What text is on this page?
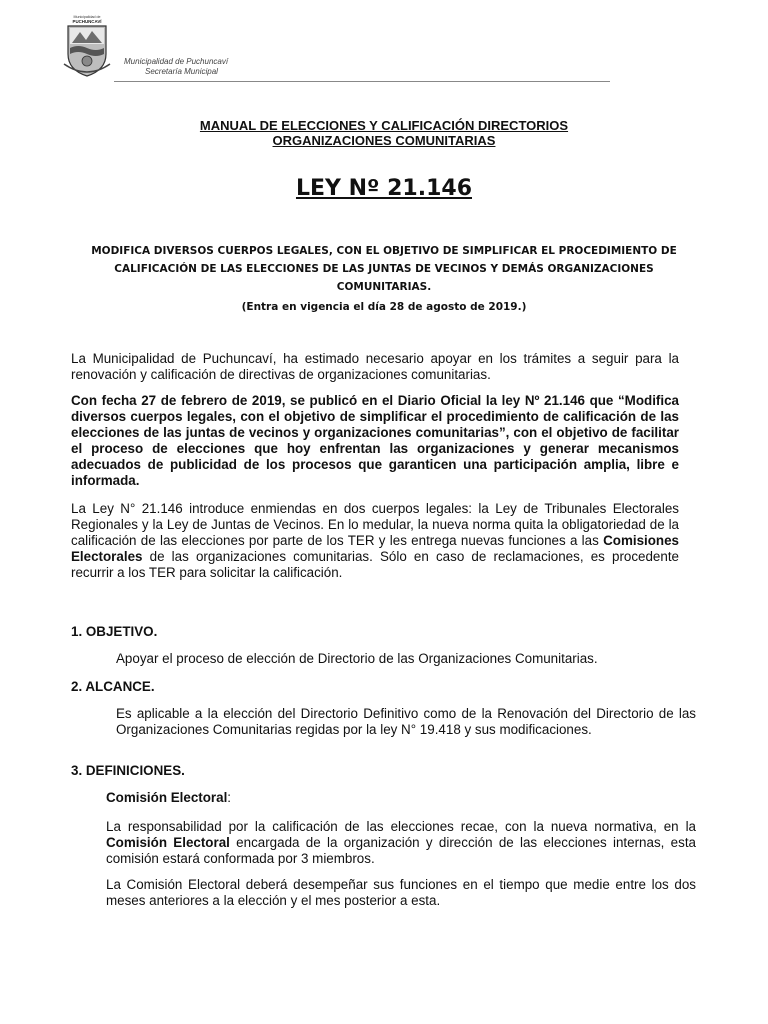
Municipalidad de
PUCHUNCAVÍ
Municipalidad de Puchuncaví
Secretaría Municipal
MANUAL DE ELECCIONES Y CALIFICACIÓN DIRECTORIOS
ORGANIZACIONES COMUNITARIAS
LEY Nº 21.146
MODIFICA DIVERSOS CUERPOS LEGALES, CON EL OBJETIVO DE SIMPLIFICAR EL PROCEDIMIENTO DE CALIFICACIÓN DE LAS ELECCIONES DE LAS JUNTAS DE VECINOS Y DEMÁS ORGANIZACIONES COMUNITARIAS.
(Entra en vigencia el día 28 de agosto de 2019.)
La Municipalidad de Puchuncaví, ha estimado necesario apoyar en los trámites a seguir para la renovación y calificación de directivas de organizaciones comunitarias.
Con fecha 27 de febrero de 2019, se publicó en el Diario Oficial la ley Nº 21.146 que “Modifica diversos cuerpos legales, con el objetivo de simplificar el procedimiento de calificación de las elecciones de las juntas de vecinos y organizaciones comunitarias”, con el objetivo de facilitar el proceso de elecciones que hoy enfrentan las organizaciones y generar mecanismos adecuados de publicidad de los procesos que garanticen una participación amplia, libre e informada.
La Ley N° 21.146 introduce enmiendas en dos cuerpos legales: la Ley de Tribunales Electorales Regionales y la Ley de Juntas de Vecinos. En lo medular, la nueva norma quita la obligatoriedad de la calificación de las elecciones por parte de los TER y les entrega nuevas funciones a las Comisiones Electorales de las organizaciones comunitarias. Sólo en caso de reclamaciones, es procedente recurrir a los TER para solicitar la calificación.
1. OBJETIVO.
Apoyar el proceso de elección de Directorio de las Organizaciones Comunitarias.
2. ALCANCE.
Es aplicable a la elección del Directorio Definitivo como de la Renovación del Directorio de las Organizaciones Comunitarias regidas por la ley N° 19.418 y sus modificaciones.
3. DEFINICIONES.
Comisión Electoral:
La responsabilidad por la calificación de las elecciones recae, con la nueva normativa, en la Comisión Electoral encargada de la organización y dirección de las elecciones internas, esta comisión estará conformada por 3 miembros.
La Comisión Electoral deberá desempeñar sus funciones en el tiempo que medie entre los dos meses anteriores a la elección y el mes posterior a esta.
